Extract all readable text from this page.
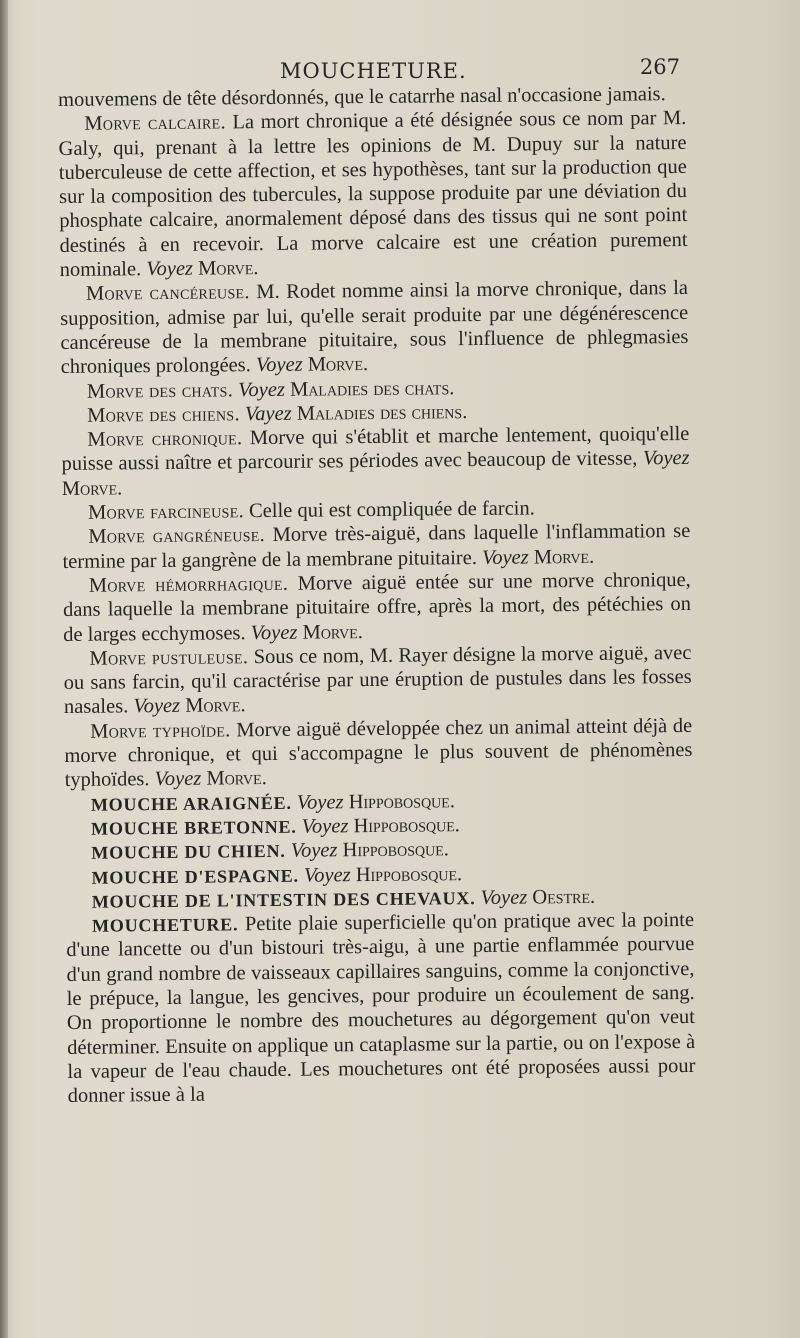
MOUCHETURE.	267

mouvemens de tête désordonnés, que le catarrhe nasal n'occasione jamais.

Morve calcaire. La mort chronique a été désignée sous ce nom par M. Galy, qui, prenant à la lettre les opinions de M. Dupuy sur la nature tuberculeuse de cette affection, et ses hypothèses, tant sur la production que sur la composition des tubercules, la suppose produite par une déviation du phosphate calcaire, anormalement déposé dans des tissus qui ne sont point destinés à en recevoir. La morve calcaire est une création purement nominale. Voyez Morve.

Morve cancéreuse. M. Rodet nomme ainsi la morve chronique, dans la supposition, admise par lui, qu'elle serait produite par une dégénérescence cancéreuse de la membrane pituitaire, sous l'influence de phlegmasies chroniques prolongées. Voyez Morve.

Morve des chats. Voyez Maladies des chats.

Morve des chiens. Vayez Maladies des chiens.

Morve chronique. Morve qui s'établit et marche lentement, quoiqu'elle puisse aussi naître et parcourir ses périodes avec beaucoup de vitesse, Voyez Morve.

Morve farcineuse. Celle qui est compliquée de farcin.

Morve gangréneuse. Morve très-aiguë, dans laquelle l'inflammation se termine par la gangrène de la membrane pituitaire. Voyez Morve.

Morve hémorrhagique. Morve aiguë entée sur une morve chronique, dans laquelle la membrane pituitaire offre, après la mort, des pétéchies on de larges ecchymoses. Voyez Morve.

Morve pustuleuse. Sous ce nom, M. Rayer désigne la morve aiguë, avec ou sans farcin, qu'il caractérise par une éruption de pustules dans les fosses nasales. Voyez Morve.

Morve typhoïde. Morve aiguë développée chez un animal atteint déjà de morve chronique, et qui s'accompagne le plus souvent de phénomènes typhoïdes. Voyez Morve.

MOUCHE ARAIGNÉE. Voyez Hippobosque.

MOUCHE BRETONNE. Voyez Hippobosque.

MOUCHE DU CHIEN. Voyez Hippobosque.

MOUCHE D'ESPAGNE. Voyez Hippobosque.

MOUCHE DE L'INTESTIN DES CHEVAUX. Voyez Oestre.

MOUCHETURE. Petite plaie superficielle qu'on pratique avec la pointe d'une lancette ou d'un bistouri très-aigu, à une partie enflammée pourvue d'un grand nombre de vaisseaux capillaires sanguins, comme la conjonctive, le prépuce, la langue, les gencives, pour produire un écoulement de sang. On proportionne le nombre des mouchetures au dégorgement qu'on veut déterminer. Ensuite on applique un cataplasme sur la partie, ou on l'expose à la vapeur de l'eau chaude. Les mouchetures ont été proposées aussi pour donner issue à la
